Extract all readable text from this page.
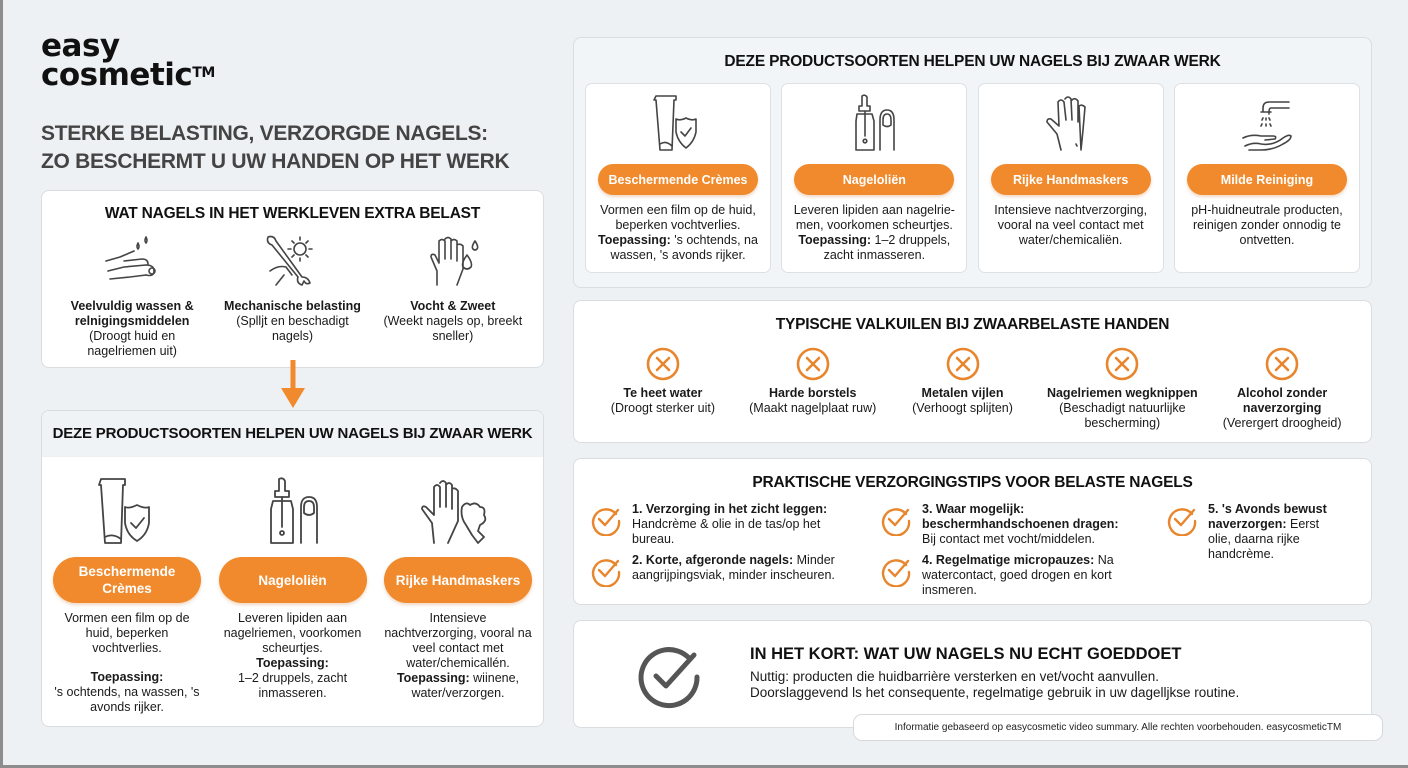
easy
cosmetic™
STERKE BELASTING, VERZORGDE NAGELS:
ZO BESCHERMT U UW HANDEN OP HET WERK
WAT NAGELS IN HET WERKLEVEN EXTRA BELAST
Veelvuldig wassen & relnigingsmiddelen
(Droogt huid en nagelriemen uit)
Mechanische belasting
(Spllјt en beschadigt nagels)
Vocht & Zweet
(Weekt nagels op, breekt sneller)
DEZE PRODUCTSOORTEN HELPEN UW NAGELS BIJ ZWAAR WERK
Beschermende Crèmes
Vormen een film op de huid, beperken vochtverlies.
Toepassing:
's ochtends, na wassen, 's avonds rijker.
Nageloliën
Leveren lipiden aan nagelriemen, voorkomen scheurtjes.
Toepassing:
1–2 druppels, zacht inmasseren.
Rijke Handmaskers
Intensieve nachtverzorging, vooral na veel contact met water/chemicallén.
Toepassing: wiinene, water/verzorgen.
DEZE PRODUCTSOORTEN HELPEN UW NAGELS BIJ ZWAAR WERK
Beschermende Crèmes
Vormen een film op de huid, beperken vochtverlies. Toepassing: 's ochtends, na wassen, 's avonds rijker.
Nageloliën
Leveren lipiden aan nagelrie-men, voorkomen scheurtjes.
Toepassing: 1–2 druppels, zacht inmasseren.
Rijke Handmaskers
Intensieve nachtverzorging, vooral na veel contact met water/chemicaliën.
Milde Reiniging
pH-huidneutrale producten, reinigen zonder onnodig te ontvetten.
TYPISCHE VALKUILEN BIJ ZWAARBELASTE HANDEN
Te heet water
(Droogt sterker uit)
Harde borstels
(Maakt nagelplaat ruw)
Metalen vijlen
(Verhoogt splijten)
Nagelriemen wegknippen
(Beschadigt natuurlijke bescherming)
Alcohol zonder naverzorging
(Verergert droogheid)
PRAKTISCHE VERZORGINGSTIPS VOOR BELASTE NAGELS
1. Verzorging in het zicht leggen: Handcrème & olie in de tas/op het bureau.
2. Korte, afgeronde nagels: Minder aangrijpingsviak, minder inscheuren.
3. Waar mogelijk: beschermhandschoenen dragen: Bij contact met vocht/middelen.
4. Regelmatige micropauzes: Na watercontact, goed drogen en kort insmeren.
5. 's Avonds bewust naverzorgen: Eerst olie, daarna rijke handcrème.
IN HET KORT: WAT UW NAGELS NU ECHT GOEDDOET
Nuttig: producten die huidbarrière versterken en vet/vocht aanvullen.
Doorslaggevend ls het consequente, regelmatige gebruik in uw dagelljkse routine.
Informatie gebaseerd op easycosmetic video summary. Alle rechten voorbehouden. easycosmeticTM
